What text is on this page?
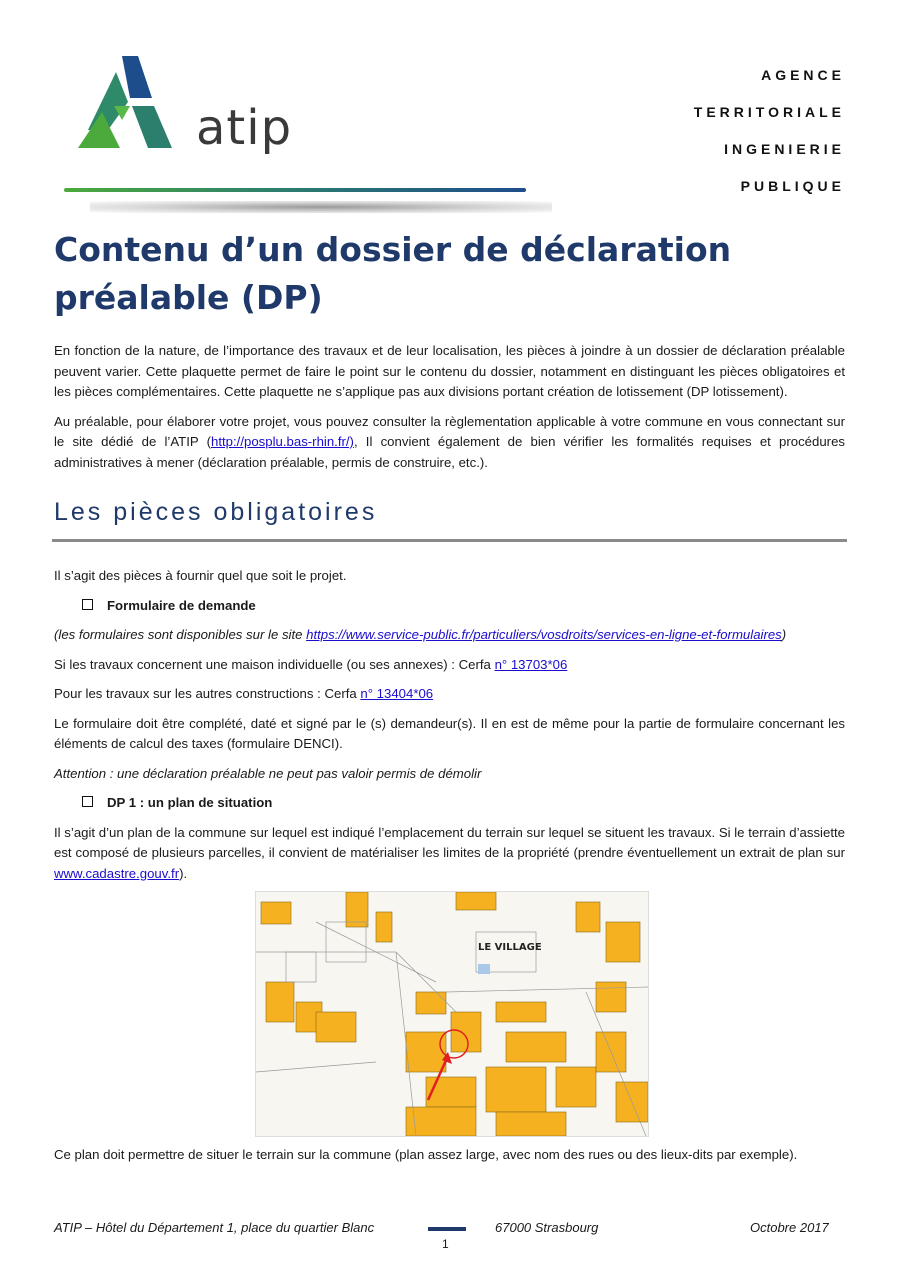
atip
AGENCE
TERRITORIALE
INGENIERIE
PUBLIQUE
Contenu d’un dossier de déclaration préalable (DP)

En fonction de la nature, de l’importance des travaux et de leur localisation, les pièces à joindre à un dossier de déclaration préalable peuvent varier. Cette plaquette permet de faire le point sur le contenu du dossier, notamment en distinguant les pièces obligatoires et les pièces complémentaires. Cette plaquette ne s’applique pas aux divisions portant création de lotissement (DP lotissement).

Au préalable, pour élaborer votre projet, vous pouvez consulter la règlementation applicable à votre commune en vous connectant sur le site dédié de l’ATIP (http://posplu.bas-rhin.fr/), Il convient également de bien vérifier les formalités requises et procédures administratives à mener (déclaration préalable, permis de construire, etc.).

Les pièces obligatoires

Il s’agit des pièces à fournir quel que soit le projet.

Formulaire de demande

(les formulaires sont disponibles sur le site https://www.service-public.fr/particuliers/vosdroits/services-en-ligne-et-formulaires)

Si les travaux concernent une maison individuelle (ou ses annexes) : Cerfa n° 13703*06

Pour les travaux sur les autres constructions : Cerfa n° 13404*06

Le formulaire doit être complété, daté et signé par le (s) demandeur(s). Il en est de même pour la partie de formulaire concernant les éléments de calcul des taxes (formulaire DENCI).

Attention : une déclaration préalable ne peut pas valoir permis de démolir

DP 1 : un plan de situation

Il s’agit d’un plan de la commune sur lequel est indiqué l’emplacement du terrain sur lequel se situent les travaux. Si le terrain d’assiette est composé de plusieurs parcelles, il convient de matérialiser les limites de la propriété (prendre éventuellement un extrait de plan sur www.cadastre.gouv.fr).

LE VILLAGE

Ce plan doit permettre de situer le terrain sur la commune (plan assez large, avec nom des rues ou des lieux-dits par exemple).

ATIP – Hôtel du Département 1, place du quartier Blanc	67000 Strasbourg	Octobre 2017
1
